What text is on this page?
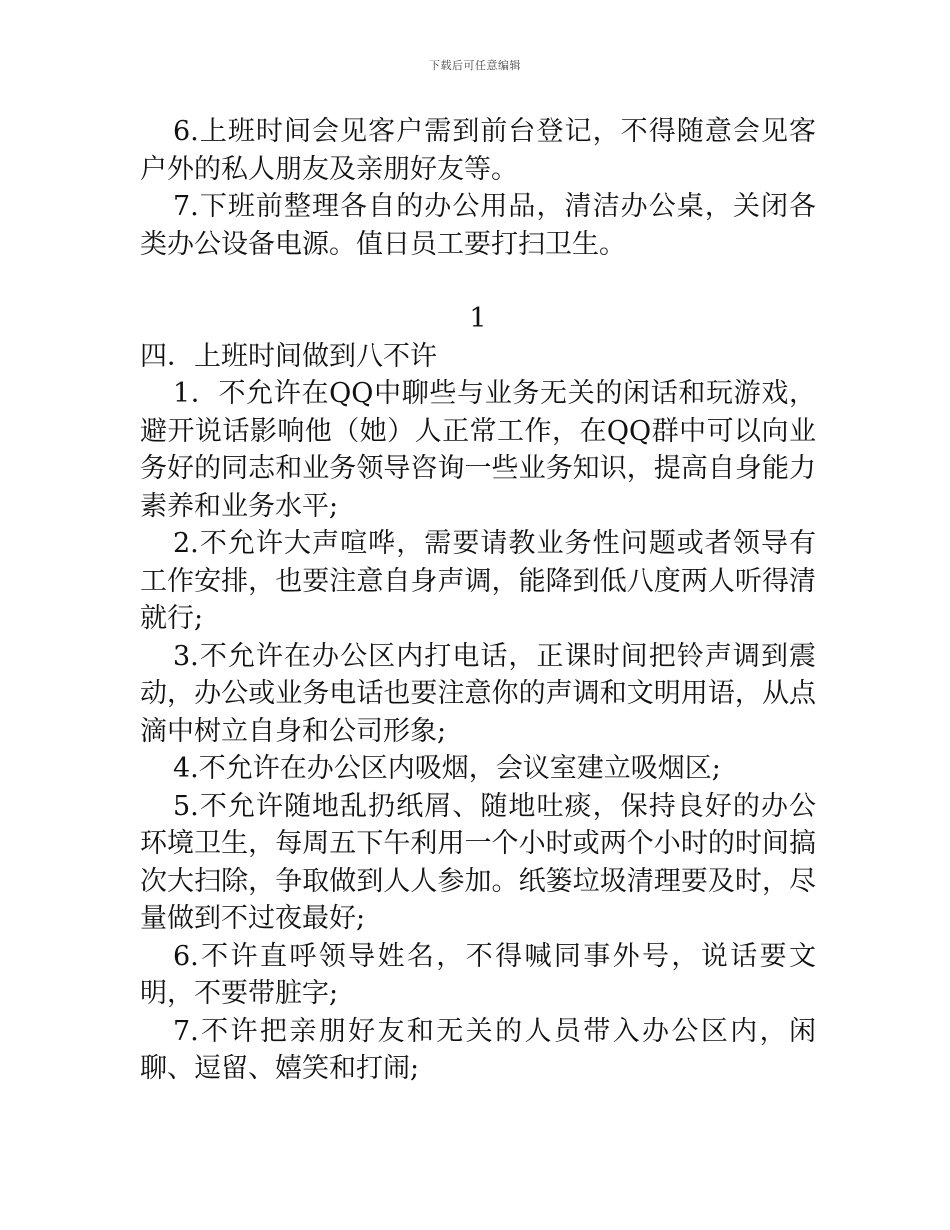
下载后可任意编辑

6.上班时间会见客户需到前台登记，不得随意会见客户外的私人朋友及亲朋好友等。

7.下班前整理各自的办公用品，清洁办公桌，关闭各类办公设备电源。值日员工要打扫卫生。

1

四．上班时间做到八不许

1．不允许在QQ中聊些与业务无关的闲话和玩游戏，避开说话影响他（她）人正常工作，在QQ群中可以向业务好的同志和业务领导咨询一些业务知识，提高自身能力素养和业务水平;

2.不允许大声喧哗，需要请教业务性问题或者领导有工作安排，也要注意自身声调，能降到低八度两人听得清就行;

3.不允许在办公区内打电话，正课时间把铃声调到震动，办公或业务电话也要注意你的声调和文明用语，从点滴中树立自身和公司形象;

4.不允许在办公区内吸烟，会议室建立吸烟区;

5.不允许随地乱扔纸屑、随地吐痰，保持良好的办公环境卫生，每周五下午利用一个小时或两个小时的时间搞次大扫除，争取做到人人参加。纸篓垃圾清理要及时，尽量做到不过夜最好;

6.不许直呼领导姓名，不得喊同事外号，说话要文明，不要带脏字;

7.不许把亲朋好友和无关的人员带入办公区内，闲聊、逗留、嬉笑和打闹;
